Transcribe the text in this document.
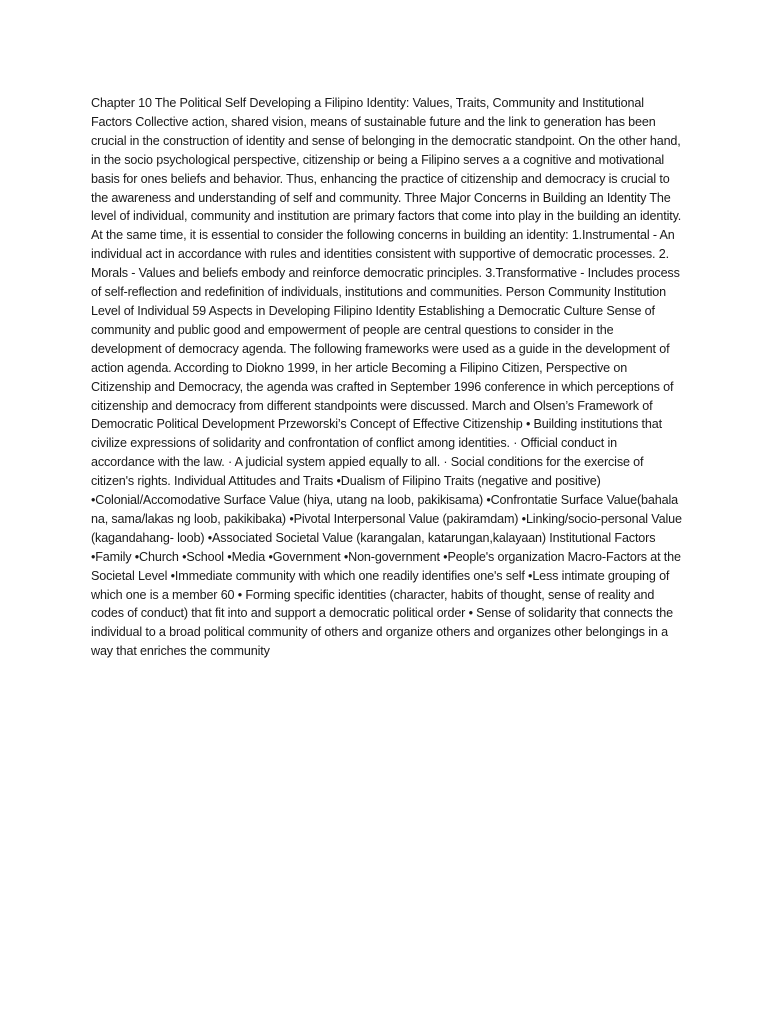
Chapter 10 The Political Self Developing a Filipino Identity: Values, Traits, Community and Institutional Factors Collective action, shared vision, means of sustainable future and the link to generation has been crucial in the construction of identity and sense of belonging in the democratic standpoint. On the other hand, in the socio psychological perspective, citizenship or being a Filipino serves a a cognitive and motivational basis for ones beliefs and behavior. Thus, enhancing the practice of citizenship and democracy is crucial to the awareness and understanding of self and community. Three Major Concerns in Building an Identity The level of individual, community and institution are primary factors that come into play in the building an identity. At the same time, it is essential to consider the following concerns in building an identity: 1.Instrumental - An individual act in accordance with rules and identities consistent with supportive of democratic processes. 2. Morals - Values and beliefs embody and reinforce democratic principles. 3.Transformative - Includes process of self-reflection and redefinition of individuals, institutions and communities. Person Community Institution Level of Individual 59 Aspects in Developing Filipino Identity Establishing a Democratic Culture Sense of community and public good and empowerment of people are central questions to consider in the development of democracy agenda. The following frameworks were used as a guide in the development of action agenda. According to Diokno 1999, in her article Becoming a Filipino Citizen, Perspective on Citizenship and Democracy, the agenda was crafted in September 1996 conference in which perceptions of citizenship and democracy from different standpoints were discussed. March and Olsen’s Framework of Democratic Political Development Przeworski’s Concept of Effective Citizenship • Building institutions that civilize expressions of solidarity and confrontation of conflict among identities. · Official conduct in accordance with the law. · A judicial system appied equally to all. · Social conditions for the exercise of citizen's rights. Individual Attitudes and Traits •Dualism of Filipino Traits (negative and positive) •Colonial/Accomodative Surface Value (hiya, utang na loob, pakikisama) •Confrontatie Surface Value(bahala na, sama/lakas ng loob, pakikibaka) •Pivotal Interpersonal Value (pakiramdam) •Linking/socio-personal Value (kagandahang- loob) •Associated Societal Value (karangalan, katarungan,kalayaan) Institutional Factors •Family •Church •School •Media •Government •Non-government •People's organization Macro-Factors at the Societal Level •Immediate community with which one readily identifies one's self •Less intimate grouping of which one is a member 60 • Forming specific identities (character, habits of thought, sense of reality and codes of conduct) that fit into and support a democratic political order • Sense of solidarity that connects the individual to a broad political community of others and organize others and organizes other belongings in a way that enriches the community
